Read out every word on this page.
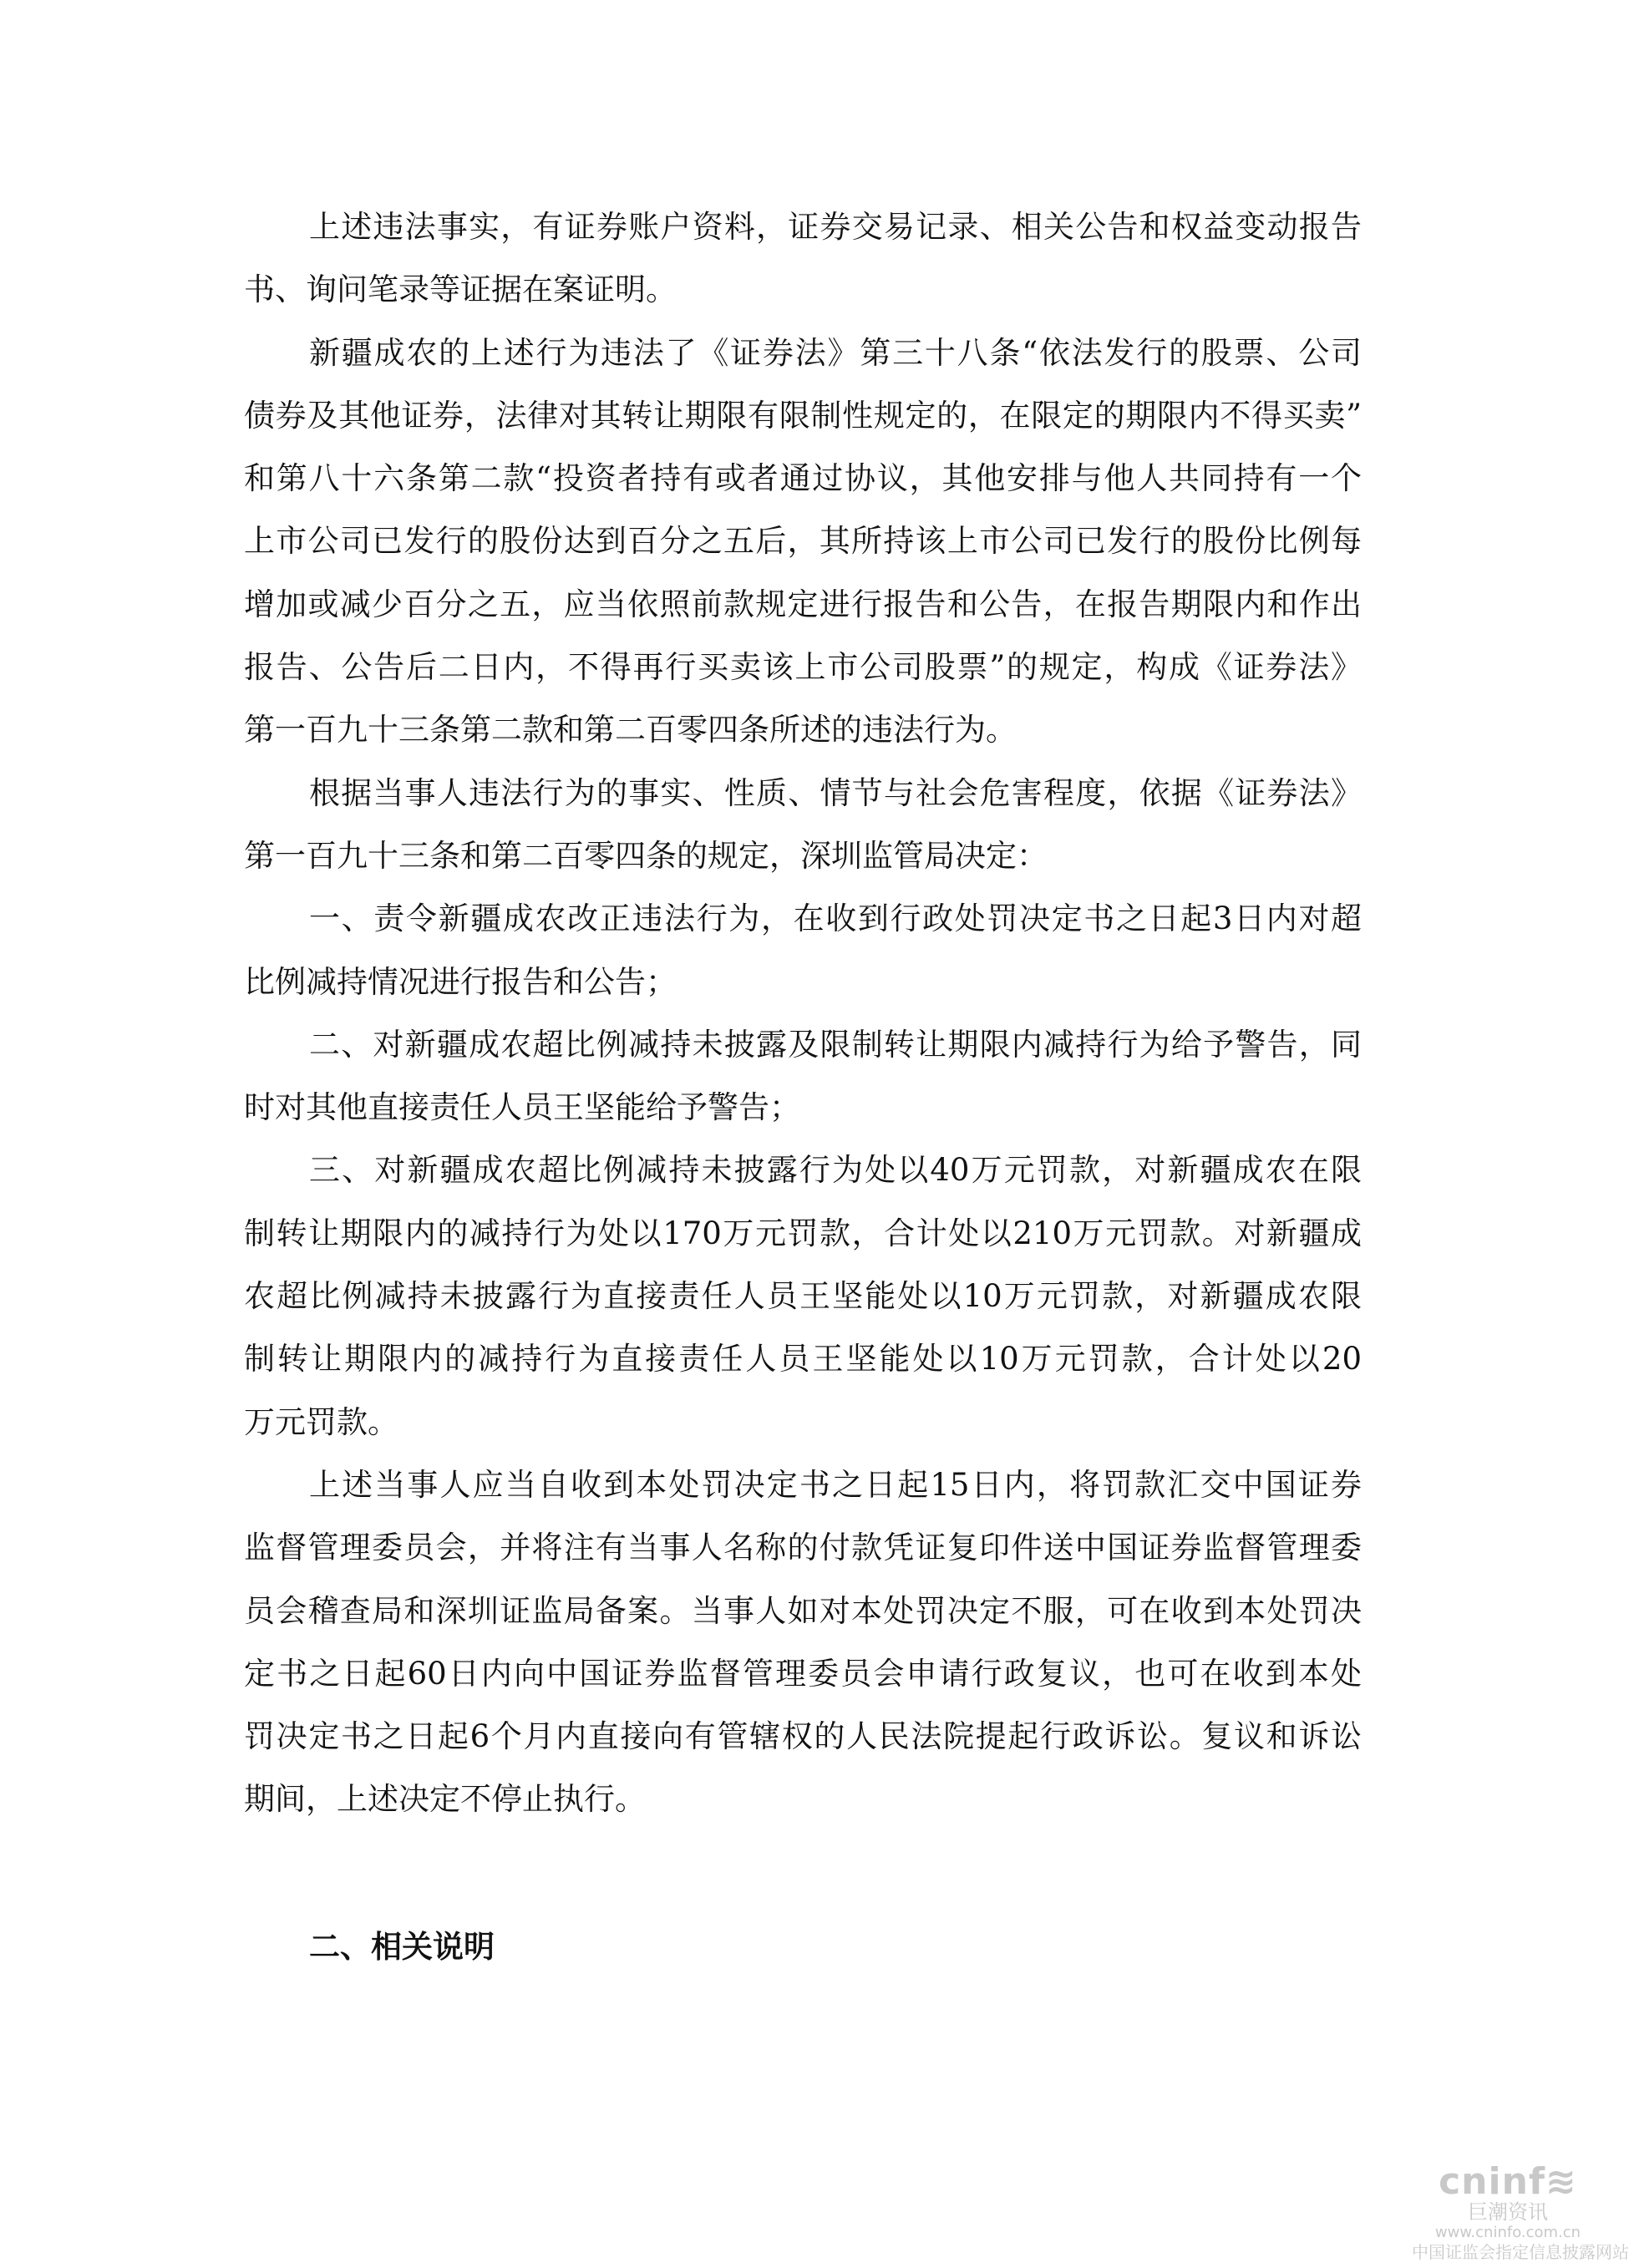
上述违法事实，有证券账户资料，证券交易记录、相关公告和权益变动报告
书、询问笔录等证据在案证明。
新疆成农的上述行为违法了《证券法》第三十八条“依法发行的股票、公司
债券及其他证券，法律对其转让期限有限制性规定的，在限定的期限内不得买卖”
和第八十六条第二款“投资者持有或者通过协议，其他安排与他人共同持有一个
上市公司已发行的股份达到百分之五后，其所持该上市公司已发行的股份比例每
增加或减少百分之五，应当依照前款规定进行报告和公告，在报告期限内和作出
报告、公告后二日内，不得再行买卖该上市公司股票”的规定，构成《证券法》
第一百九十三条第二款和第二百零四条所述的违法行为。
根据当事人违法行为的事实、性质、情节与社会危害程度，依据《证券法》
第一百九十三条和第二百零四条的规定，深圳监管局决定：
一、责令新疆成农改正违法行为，在收到行政处罚决定书之日起3日内对超
比例减持情况进行报告和公告；
二、对新疆成农超比例减持未披露及限制转让期限内减持行为给予警告，同
时对其他直接责任人员王坚能给予警告；
三、对新疆成农超比例减持未披露行为处以40万元罚款，对新疆成农在限
制转让期限内的减持行为处以170万元罚款，合计处以210万元罚款。对新疆成
农超比例减持未披露行为直接责任人员王坚能处以10万元罚款，对新疆成农限
制转让期限内的减持行为直接责任人员王坚能处以10万元罚款，合计处以20
万元罚款。
上述当事人应当自收到本处罚决定书之日起15日内，将罚款汇交中国证券
监督管理委员会，并将注有当事人名称的付款凭证复印件送中国证券监督管理委
员会稽查局和深圳证监局备案。当事人如对本处罚决定不服，可在收到本处罚决
定书之日起60日内向中国证券监督管理委员会申请行政复议，也可在收到本处
罚决定书之日起6个月内直接向有管辖权的人民法院提起行政诉讼。复议和诉讼
期间，上述决定不停止执行。
二、相关说明
cninf≋
巨潮资讯
www.cninfo.com.cn
中国证监会指定信息披露网站
